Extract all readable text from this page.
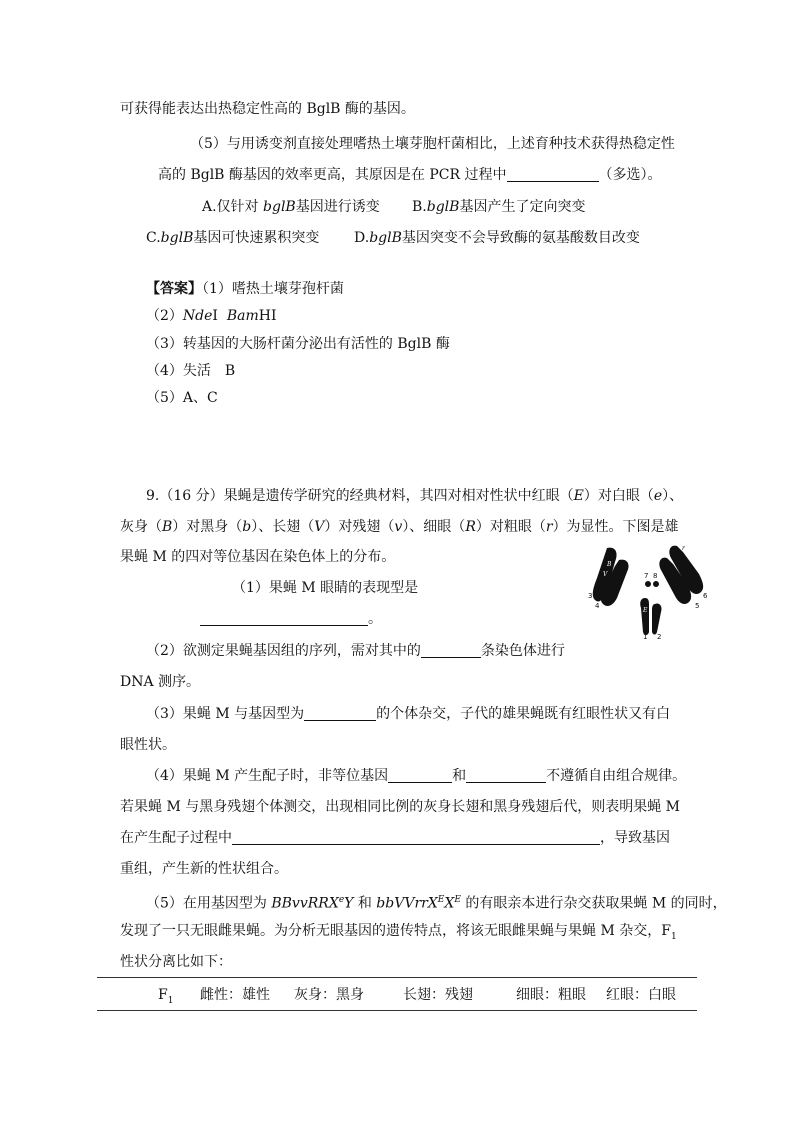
可获得能表达出热稳定性高的 BglB 酶的基因。
（5）与用诱变剂直接处理嗜热土壤芽胞杆菌相比，上述育种技术获得热稳定性
高的 BglB 酶基因的效率更高，其原因是在 PCR 过程中	（多选）。
A.仅针对 bglB基因进行诱变 B.bglB基因产生了定向突变
C.bglB基因可快速累积突变 D.bglB基因突变不会导致酶的氨基酸数目改变
【答案】（1）嗜热土壤芽孢杆菌
（2）NdeⅠ BamHⅠ
（3）转基因的大肠杆菌分泌出有活性的 BglB 酶
（4）失活　B
（5）A、C
9.（16 分）果蝇是遗传学研究的经典材料，其四对相对性状中红眼（E）对白眼（e）、
灰身（B）对黑身（b）、长翅（V）对残翅（v）、细眼（R）对粗眼（r）为显性。下图是雄
果蝇 M 的四对等位基因在染色体上的分布。
（1）果蝇 M 眼睛的表现型是
。
（2）欲测定果蝇基因组的序列，需对其中的	条染色体进行
DNA 测序。
（3）果蝇 M 与基因型为	的个体杂交，子代的雄果蝇既有红眼性状又有白
眼性状。
（4）果蝇 M 产生配子时，非等位基因	和	不遵循自由组合规律。
若果蝇 M 与黑身残翅个体测交，出现相同比例的灰身长翅和黑身残翅后代，则表明果蝇 M
在产生配子过程中	，导致基因
重组，产生新的性状组合。
（5）在用基因型为 BBvvRRX$^e$Y 和 $bbVVrrX^EX^E$ 的有眼亲本进行杂交获取果蝇 M 的同时，
发现了一只无眼雌果蝇。为分析无眼基因的遗传特点，将该无眼雌果蝇与果蝇 M 杂交，$F_1$
性状分离比如下：
$F_1$ 雌性：雄性 灰身：黑身	长翅：残翅	细眼：粗眼 红眼：白眼
3
4	5
6
1 2
7 8
B
V
E
R
r
